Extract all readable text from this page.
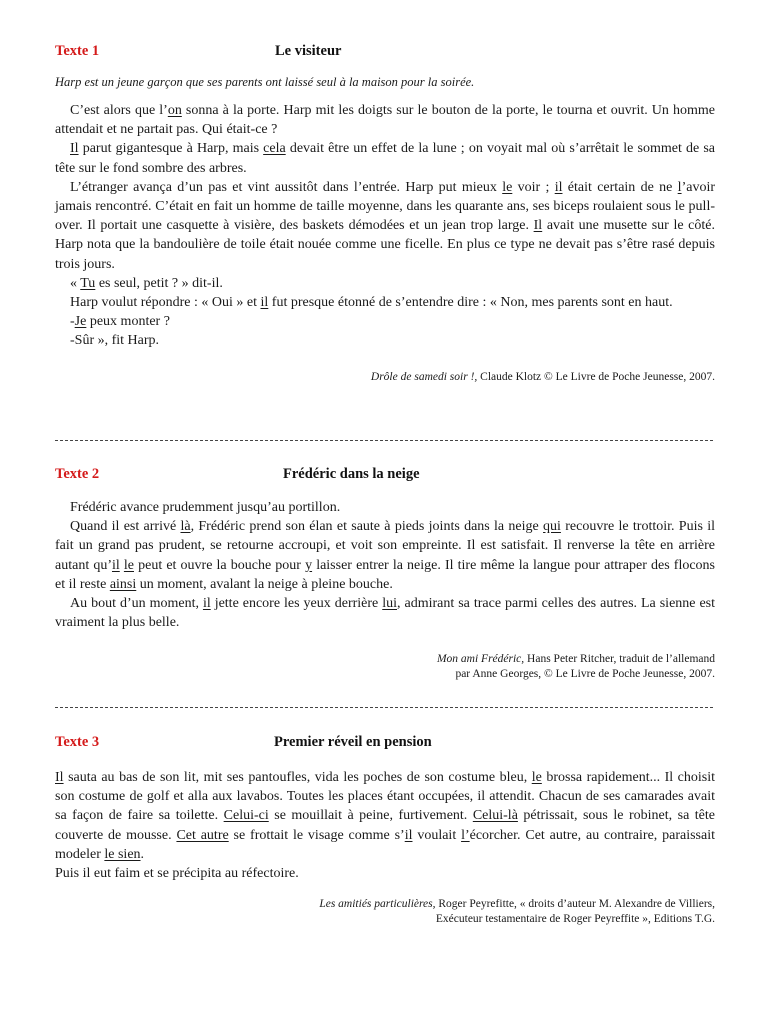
Texte 1	Le visiteur
Harp est un jeune garçon que ses parents ont laissé seul à la maison pour la soirée.

C’est alors que l’on sonna à la porte. Harp mit les doigts sur le bouton de la porte, le tourna et ouvrit. Un homme attendait et ne partait pas. Qui était-ce ?

Il parut gigantesque à Harp, mais cela devait être un effet de la lune ; on voyait mal où s’arrêtait le sommet de sa tête sur le fond sombre des arbres.

L’étranger avança d’un pas et vint aussitôt dans l’entrée. Harp put mieux le voir ; il était certain de ne l’avoir jamais rencontré. C’était en fait un homme de taille moyenne, dans les quarante ans, ses biceps roulaient sous le pull-over. Il portait une casquette à visière, des baskets démodées et un jean trop large. Il avait une musette sur le côté. Harp nota que la bandoulière de toile était nouée comme une ficelle. En plus ce type ne devait pas s’être rasé depuis trois jours.

« Tu es seul, petit ? » dit-il.

Harp voulut répondre : « Oui » et il fut presque étonné de s’entendre dire : « Non, mes parents sont en haut.

-Je peux monter ?

-Sûr », fit Harp.

Drôle de samedi soir !, Claude Klotz © Le Livre de Poche Jeunesse, 2007.
Texte 2	Frédéric dans la neige

Frédéric avance prudemment jusqu’au portillon.

Quand il est arrivé là, Frédéric prend son élan et saute à pieds joints dans la neige qui recouvre le trottoir. Puis il fait un grand pas prudent, se retourne accroupi, et voit son empreinte. Il est satisfait. Il renverse la tête en arrière autant qu’il le peut et ouvre la bouche pour y laisser entrer la neige. Il tire même la langue pour attraper des flocons et il reste ainsi un moment, avalant la neige à pleine bouche.

Au bout d’un moment, il jette encore les yeux derrière lui, admirant sa trace parmi celles des autres. La sienne est vraiment la plus belle.

Mon ami Frédéric, Hans Peter Ritcher, traduit de l’allemand
par Anne Georges, © Le Livre de Poche Jeunesse, 2007.
Texte 3	Premier réveil en pension

Il sauta au bas de son lit, mit ses pantoufles, vida les poches de son costume bleu, le brossa rapidement... Il choisit son costume de golf et alla aux lavabos. Toutes les places étant occupées, il attendit. Chacun de ses camarades avait sa façon de faire sa toilette. Celui-ci se mouillait à peine, furtivement. Celui-là pétrissait, sous le robinet, sa tête couverte de mousse. Cet autre se frottait le visage comme s’il voulait l’écorcher. Cet autre, au contraire, paraissait modeler le sien.

Puis il eut faim et se précipita au réfectoire.

Les amitiés particulières, Roger Peyrefitte, « droits d’auteur M. Alexandre de Villiers,
Exécuteur testamentaire de Roger Peyreffite », Editions T.G.
